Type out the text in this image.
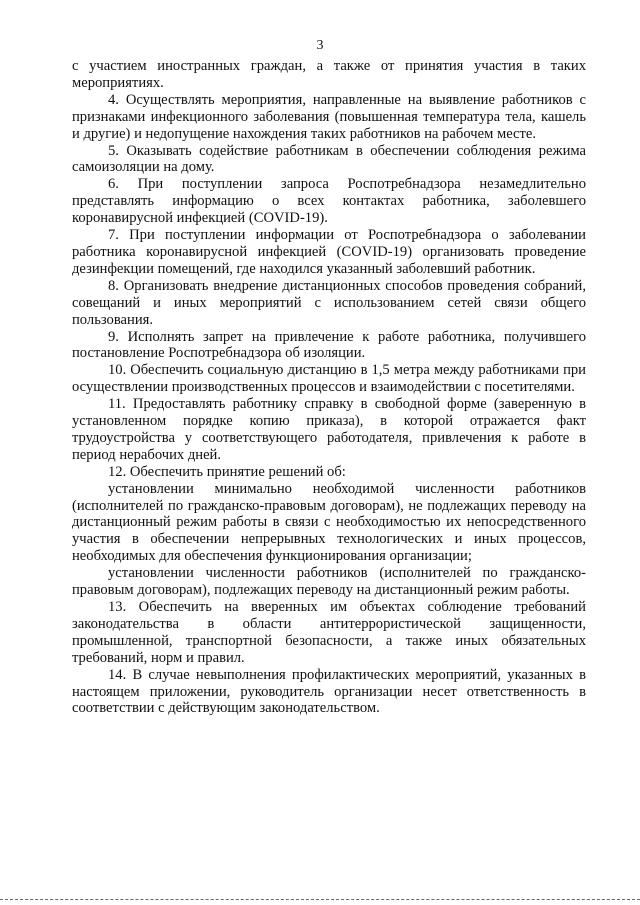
3

с участием иностранных граждан, а также от принятия участия в таких мероприятиях.

4. Осуществлять мероприятия, направленные на выявление работников с признаками инфекционного заболевания (повышенная температура тела, кашель и другие) и недопущение нахождения таких работников на рабочем месте.

5. Оказывать содействие работникам в обеспечении соблюдения режима самоизоляции на дому.

6. При поступлении запроса Роспотребнадзора незамедлительно представлять информацию о всех контактах работника, заболевшего коронавирусной инфекцией (COVID-19).

7. При поступлении информации от Роспотребнадзора о заболевании работника коронавирусной инфекцией (COVID-19) организовать проведение дезинфекции помещений, где находился указанный заболевший работник.

8. Организовать внедрение дистанционных способов проведения собраний, совещаний и иных мероприятий с использованием сетей связи общего пользования.

9. Исполнять запрет на привлечение к работе работника, получившего постановление Роспотребнадзора об изоляции.

10. Обеспечить социальную дистанцию в 1,5 метра между работниками при осуществлении производственных процессов и взаимодействии с посетителями.

11. Предоставлять работнику справку в свободной форме (заверенную в установленном порядке копию приказа), в которой отражается факт трудоустройства у соответствующего работодателя, привлечения к работе в период нерабочих дней.

12. Обеспечить принятие решений об:

установлении минимально необходимой численности работников (исполнителей по гражданско-правовым договорам), не подлежащих переводу на дистанционный режим работы в связи с необходимостью их непосредственного участия в обеспечении непрерывных технологических и иных процессов, необходимых для обеспечения функционирования организации;

установлении численности работников (исполнителей по гражданско-правовым договорам), подлежащих переводу на дистанционный режим работы.

13. Обеспечить на вверенных им объектах соблюдение требований законодательства в области антитеррористической защищенности, промышленной, транспортной безопасности, а также иных обязательных требований, норм и правил.

14. В случае невыполнения профилактических мероприятий, указанных в настоящем приложении, руководитель организации несет ответственность в соответствии с действующим законодательством.
